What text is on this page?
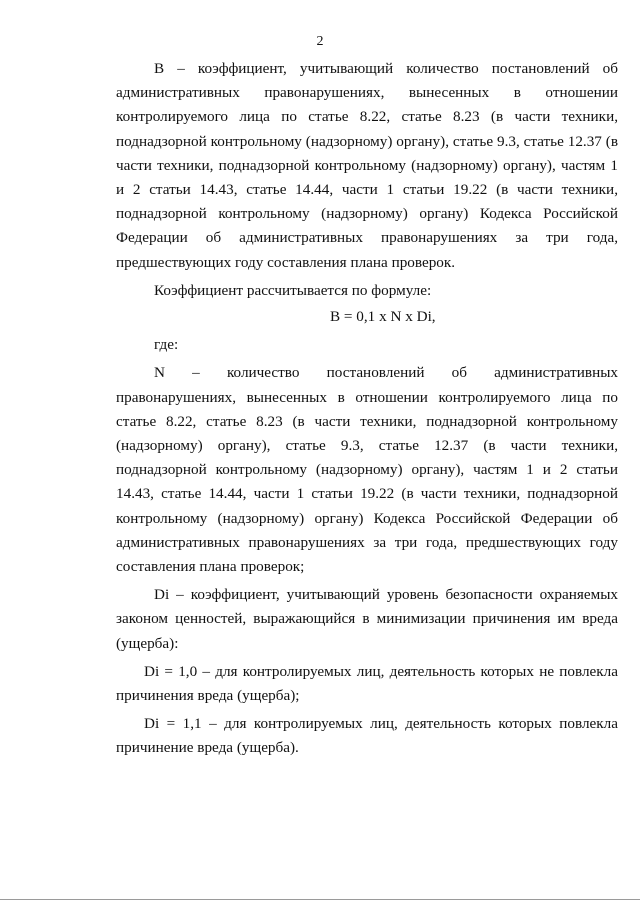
2

B – коэффициент, учитывающий количество постановлений об административных правонарушениях, вынесенных в отношении контролируемого лица по статье 8.22, статье 8.23 (в части техники, поднадзорной контрольному (надзорному) органу), статье 9.3, статье 12.37 (в части техники, поднадзорной контрольному (надзорному) органу), частям 1 и 2 статьи 14.43, статье 14.44, части 1 статьи 19.22 (в части техники, поднадзорной контрольному (надзорному) органу) Кодекса Российской Федерации об административных правонарушениях за три года, предшествующих году составления плана проверок.

Коэффициент рассчитывается по формуле:

B = 0,1 x N x Di,

где:

N – количество постановлений об административных правонарушениях, вынесенных в отношении контролируемого лица по статье 8.22, статье 8.23 (в части техники, поднадзорной контрольному (надзорному) органу), статье 9.3, статье 12.37 (в части техники, поднадзорной контрольному (надзорному) органу), частям 1 и 2 статьи 14.43, статье 14.44, части 1 статьи 19.22 (в части техники, поднадзорной контрольному (надзорному) органу) Кодекса Российской Федерации об административных правонарушениях за три года, предшествующих году составления плана проверок;

Di – коэффициент, учитывающий уровень безопасности охраняемых законом ценностей, выражающийся в минимизации причинения им вреда (ущерба):

Di = 1,0 – для контролируемых лиц, деятельность которых не повлекла причинения вреда (ущерба);

Di = 1,1 – для контролируемых лиц, деятельность которых повлекла причинение вреда (ущерба).
